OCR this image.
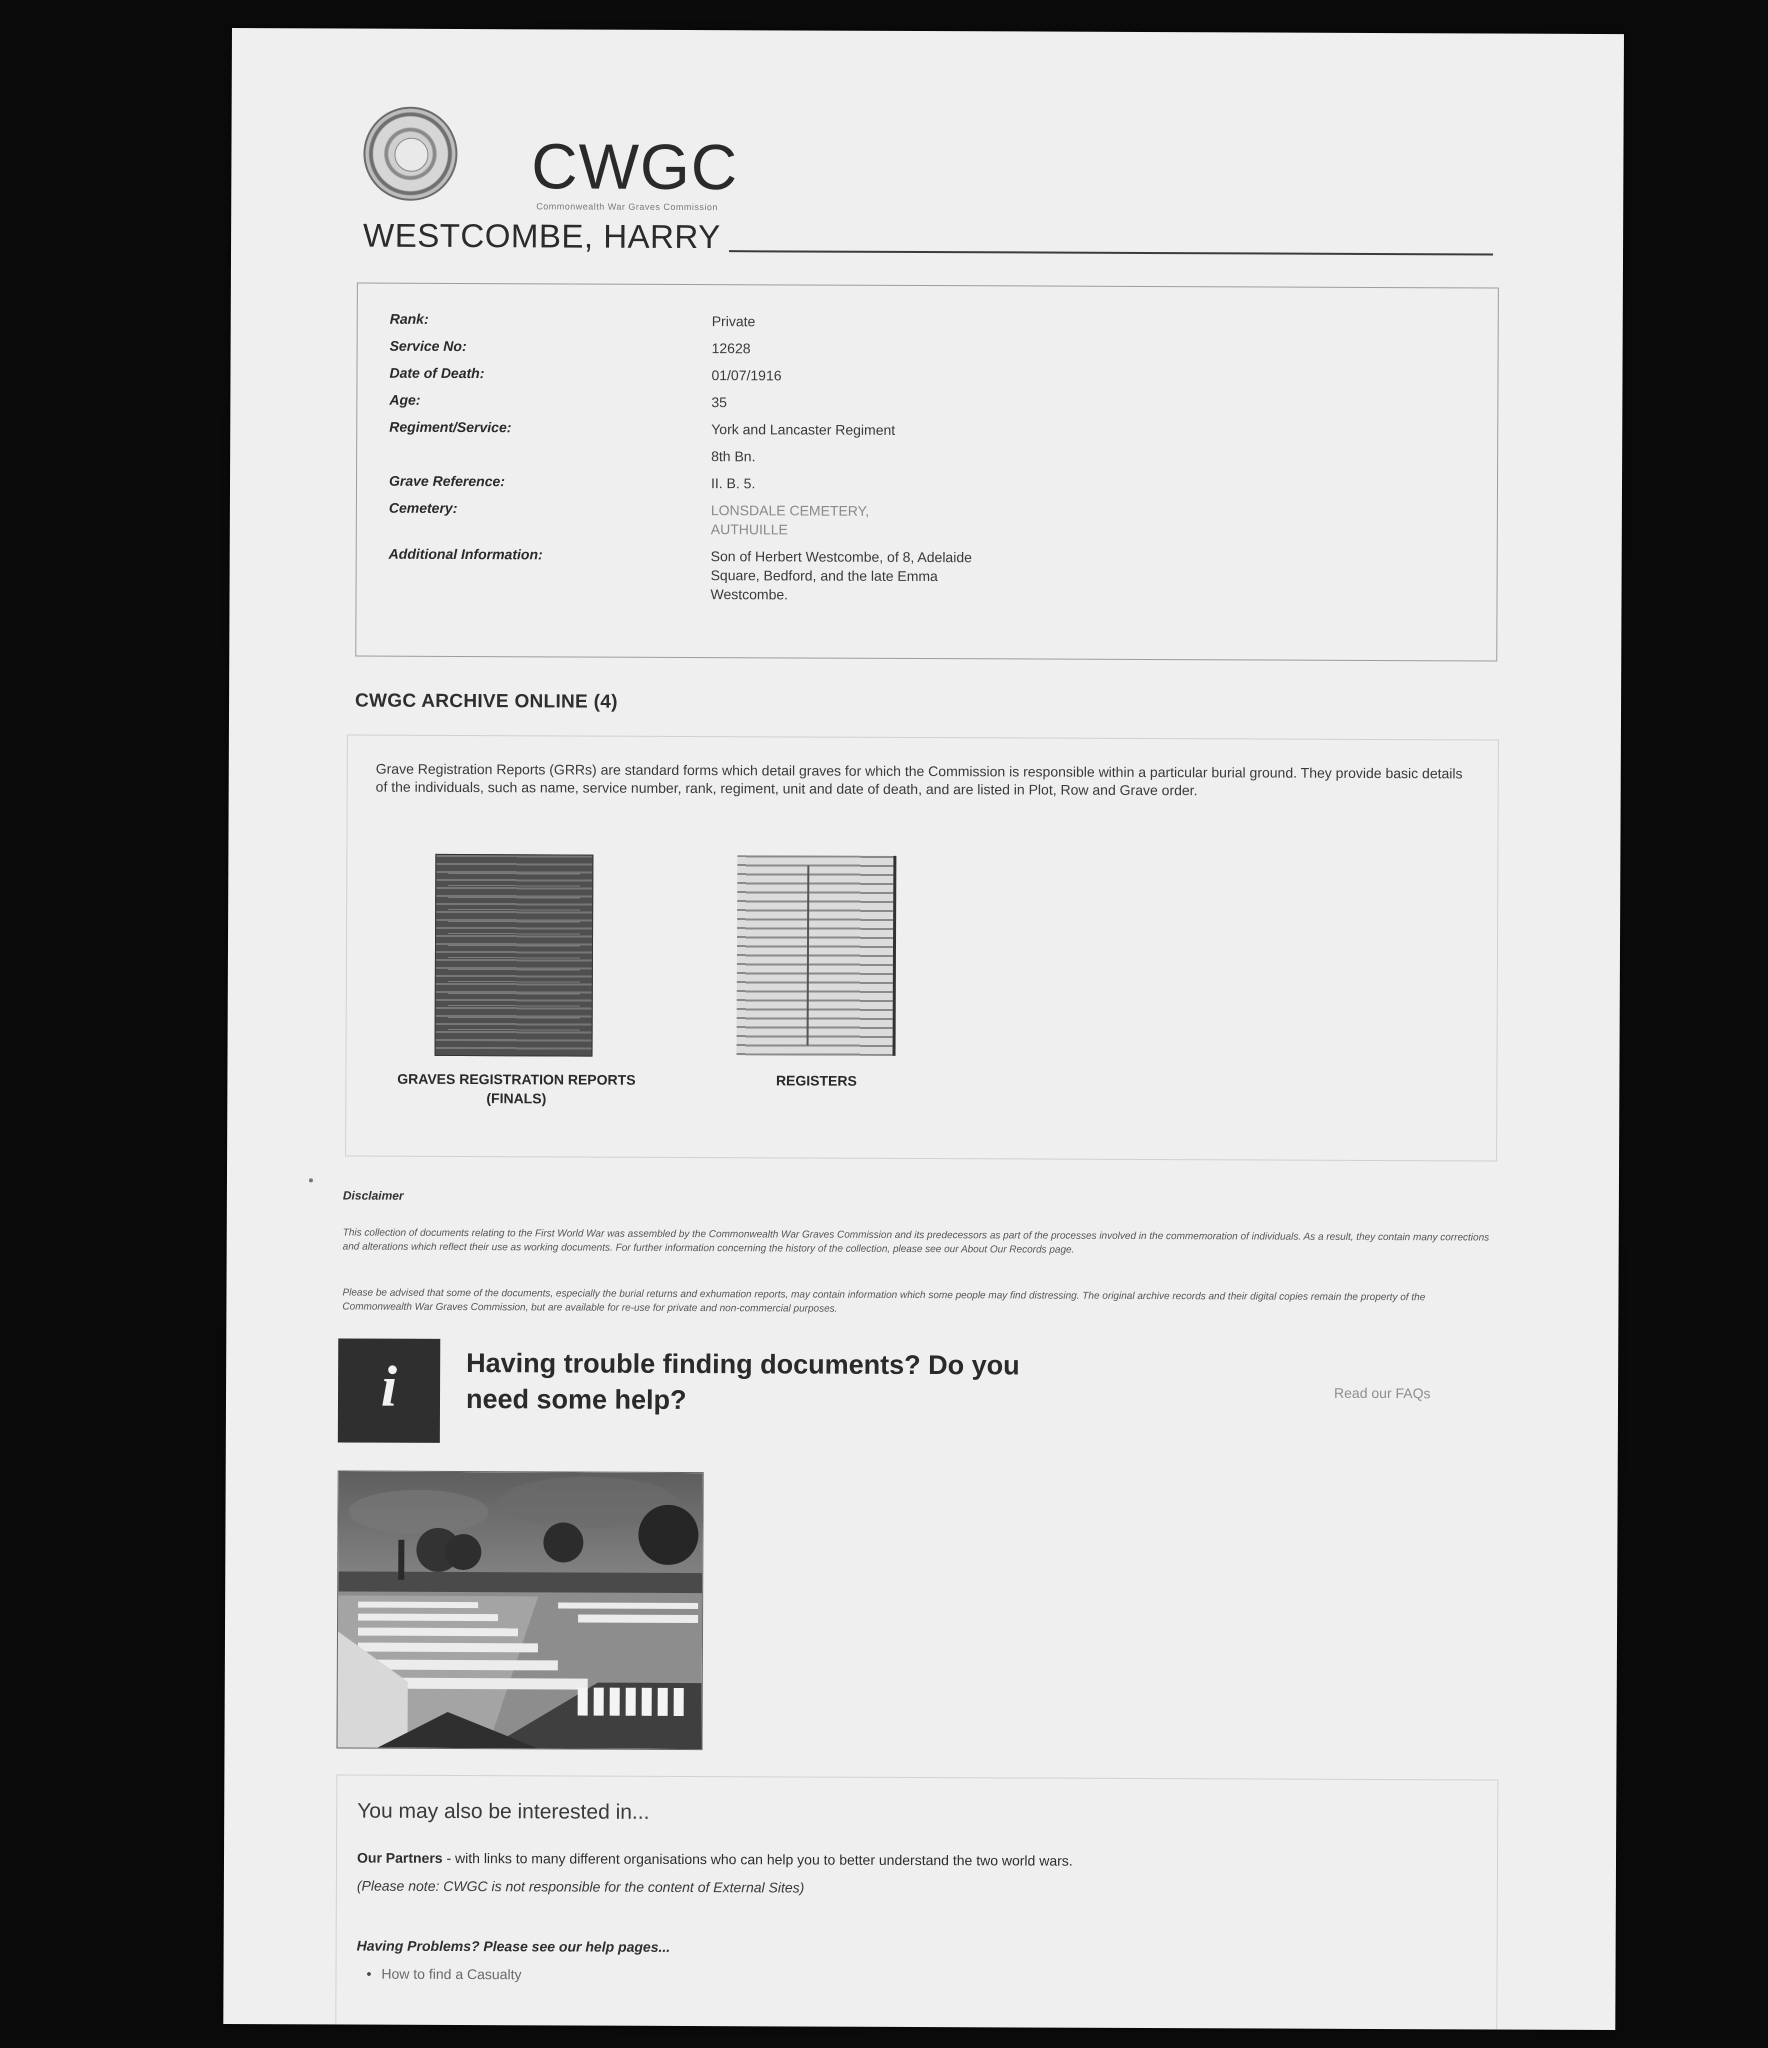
CWGC
Commonwealth War Graves Commission
WESTCOMBE, HARRY
Rank:	Private
Service No:	12628
Date of Death:	01/07/1916
Age:	35
Regiment/Service:	York and Lancaster Regiment
8th Bn.
Grave Reference:	II. B. 5.
Cemetery:	LONSDALE CEMETERY, AUTHUILLE
Additional Information:	Son of Herbert Westcombe, of 8, Adelaide Square, Bedford, and the late Emma Westcombe.
CWGC ARCHIVE ONLINE (4)
Grave Registration Reports (GRRs) are standard forms which detail graves for which the Commission is responsible within a particular burial ground. They provide basic details of the individuals, such as name, service number, rank, regiment, unit and date of death, and are listed in Plot, Row and Grave order.
GRAVES REGISTRATION REPORTS (FINALS)
REGISTERS
Disclaimer
This collection of documents relating to the First World War was assembled by the Commonwealth War Graves Commission and its predecessors as part of the processes involved in the commemoration of individuals. As a result, they contain many corrections and alterations which reflect their use as working documents. For further information concerning the history of the collection, please see our About Our Records page.
Please be advised that some of the documents, especially the burial returns and exhumation reports, may contain information which some people may find distressing. The original archive records and their digital copies remain the property of the Commonwealth War Graves Commission, but are available for re-use for private and non-commercial purposes.
i	Having trouble finding documents? Do you need some help?	Read our FAQs
You may also be interested in...
Our Partners - with links to many different organisations who can help you to better understand the two world wars.
(Please note: CWGC is not responsible for the content of External Sites)
Having Problems? Please see our help pages...
• How to find a Casualty
